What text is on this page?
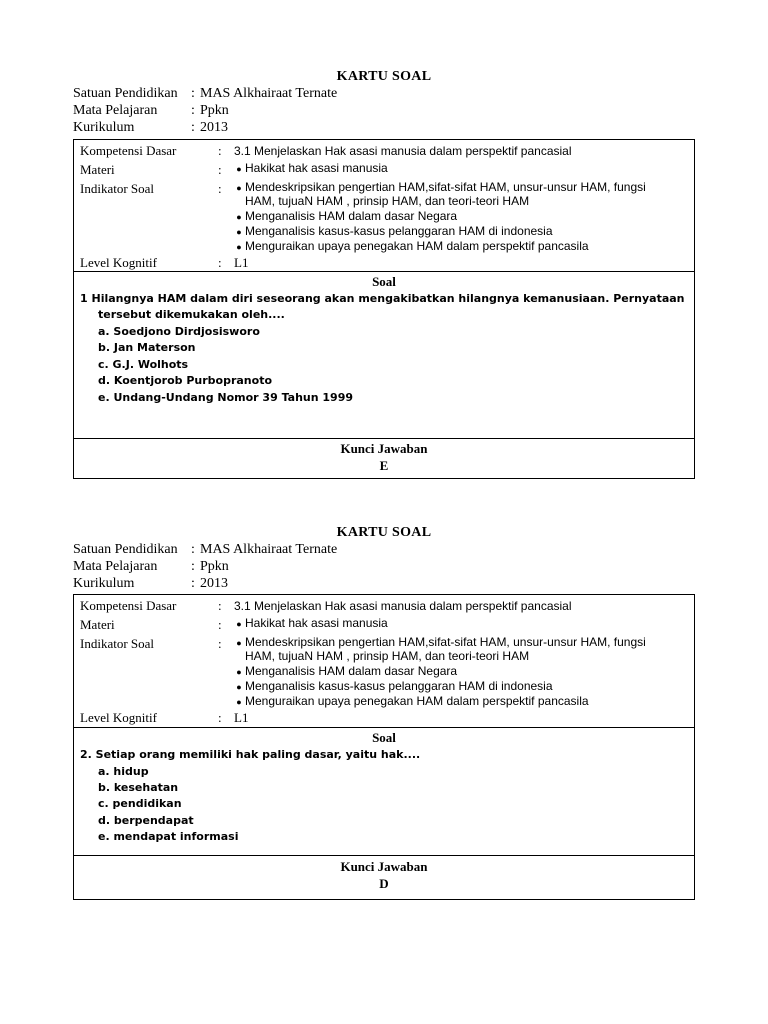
KARTU SOAL
Satuan Pendidikan : MAS Alkhairaat Ternate
Mata Pelajaran : Ppkn
Kurikulum	: 2013
Kompetensi Dasar	: 3.1 Menjelaskan Hak asasi manusia dalam perspektif pancasial
Materi	:	● Hakikat hak asasi manusia
Indikator Soal	:	● Mendeskripsikan pengertian HAM,sifat-sifat HAM, unsur-unsur HAM, fungsi
HAM, tujuaN HAM , prinsip HAM, dan teori-teori HAM
● Menganalisis HAM dalam dasar Negara
● Menganalisis kasus-kasus pelanggaran HAM di indonesia
● Menguraikan upaya penegakan HAM dalam perspektif pancasila
Level Kognitif	: L1
Soal
1 Hilangnya HAM dalam diri seseorang akan mengakibatkan hilangnya kemanusiaan. Pernyataan
tersebut dikemukakan oleh....
a. Soedjono Dirdjosisworo
b. Jan Materson
c. G.J. Wolhots
d. Koentjorob Purbopranoto
e. Undang-Undang Nomor 39 Tahun 1999
Kunci Jawaban
E
KARTU SOAL
Satuan Pendidikan : MAS Alkhairaat Ternate
Mata Pelajaran : Ppkn
Kurikulum	: 2013
Kompetensi Dasar	: 3.1 Menjelaskan Hak asasi manusia dalam perspektif pancasial
Materi	:	● Hakikat hak asasi manusia
Indikator Soal	:	● Mendeskripsikan pengertian HAM,sifat-sifat HAM, unsur-unsur HAM, fungsi
HAM, tujuaN HAM , prinsip HAM, dan teori-teori HAM
● Menganalisis HAM dalam dasar Negara
● Menganalisis kasus-kasus pelanggaran HAM di indonesia
● Menguraikan upaya penegakan HAM dalam perspektif pancasila
Level Kognitif	: L1
Soal
2. Setiap orang memiliki hak paling dasar, yaitu hak....
a. hidup
b. kesehatan
c. pendidikan
d. berpendapat
e. mendapat informasi
Kunci Jawaban
D
